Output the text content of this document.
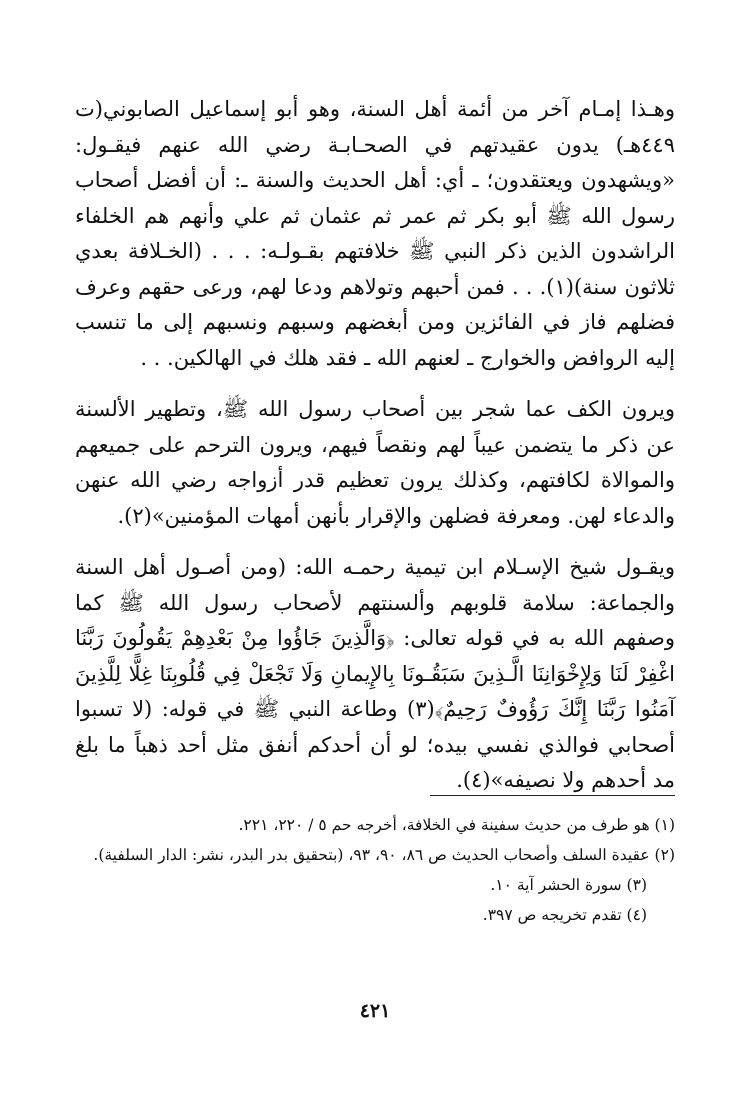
وهـذا إمـام آخر من أئمة أهل السنة، وهو أبو إسماعيل الصابوني(ت ٤٤٩هـ) يدون عقيدتهم في الصحـابـة رضي الله عنهم فيقـول: «ويشهدون ويعتقدون؛ ـ أي: أهل الحديث والسنة ـ: أن أفضل أصحاب رسول الله ﷺ أبو بكر ثم عمر ثم عثمان ثم علي وأنهم هم الخلفاء الراشدون الذين ذكر النبي ﷺ خلافتهم بقـولـه: . . . (الخـلافة بعدي ثلاثون سنة)(١). . . فمن أحبهم وتولاهم ودعا لهم، ورعى حقهم وعرف فضلهم فاز في الفائزين ومن أبغضهم وسبهم ونسبهم إلى ما تنسب إليه الروافض والخوارج ـ لعنهم الله ـ فقد هلك في الهالكين. . .

ويرون الكف عما شجر بين أصحاب رسول الله ﷺ، وتطهير الألسنة عن ذكر ما يتضمن عيباً لهم ونقصاً فيهم، ويرون الترحم على جميعهم والموالاة لكافتهم، وكذلك يرون تعظيم قدر أزواجه رضي الله عنهن والدعاء لهن. ومعرفة فضلهن والإقرار بأنهن أمهات المؤمنين»(٢).

ويقـول شيخ الإسـلام ابن تيمية رحمـه الله: (ومن أصـول أهل السنة والجماعة: سلامة قلوبهم وألسنتهم لأصحاب رسول الله ﷺ كما وصفهم الله به في قوله تعالى: ﴿وَالَّذِينَ جَاؤُوا مِنْ بَعْدِهِمْ يَقُولُونَ رَبَّنَا اغْفِرْ لَنَا وَلِإِخْوَانِنَا الَّـذِينَ سَبَقُـونَا بِالإِيمانِ وَلَا تَجْعَلْ فِي قُلُوبِنَا غِلًّا لِلَّذِينَ آمَنُوا رَبَّنَا إِنَّكَ رَؤُوفٌ رَحِيمٌ﴾(٣) وطاعة النبي ﷺ في قوله: (لا تسبوا أصحابي فوالذي نفسي بيده؛ لو أن أحدكم أنفق مثل أحد ذهباً ما بلغ مد أحدهم ولا نصيفه»(٤).

(١) هو طرف من حديث سفينة في الخلافة، أخرجه حم ٥ / ٢٢٠، ٢٢١.

(٢) عقيدة السلف وأصحاب الحديث ص ٨٦، ٩٠، ٩٣، (بتحقيق بدر البدر، نشر: الدار السلفية).

(٣) سورة الحشر آية ١٠.

(٤) تقدم تخريجه ص ٣٩٧.

٤٢١
